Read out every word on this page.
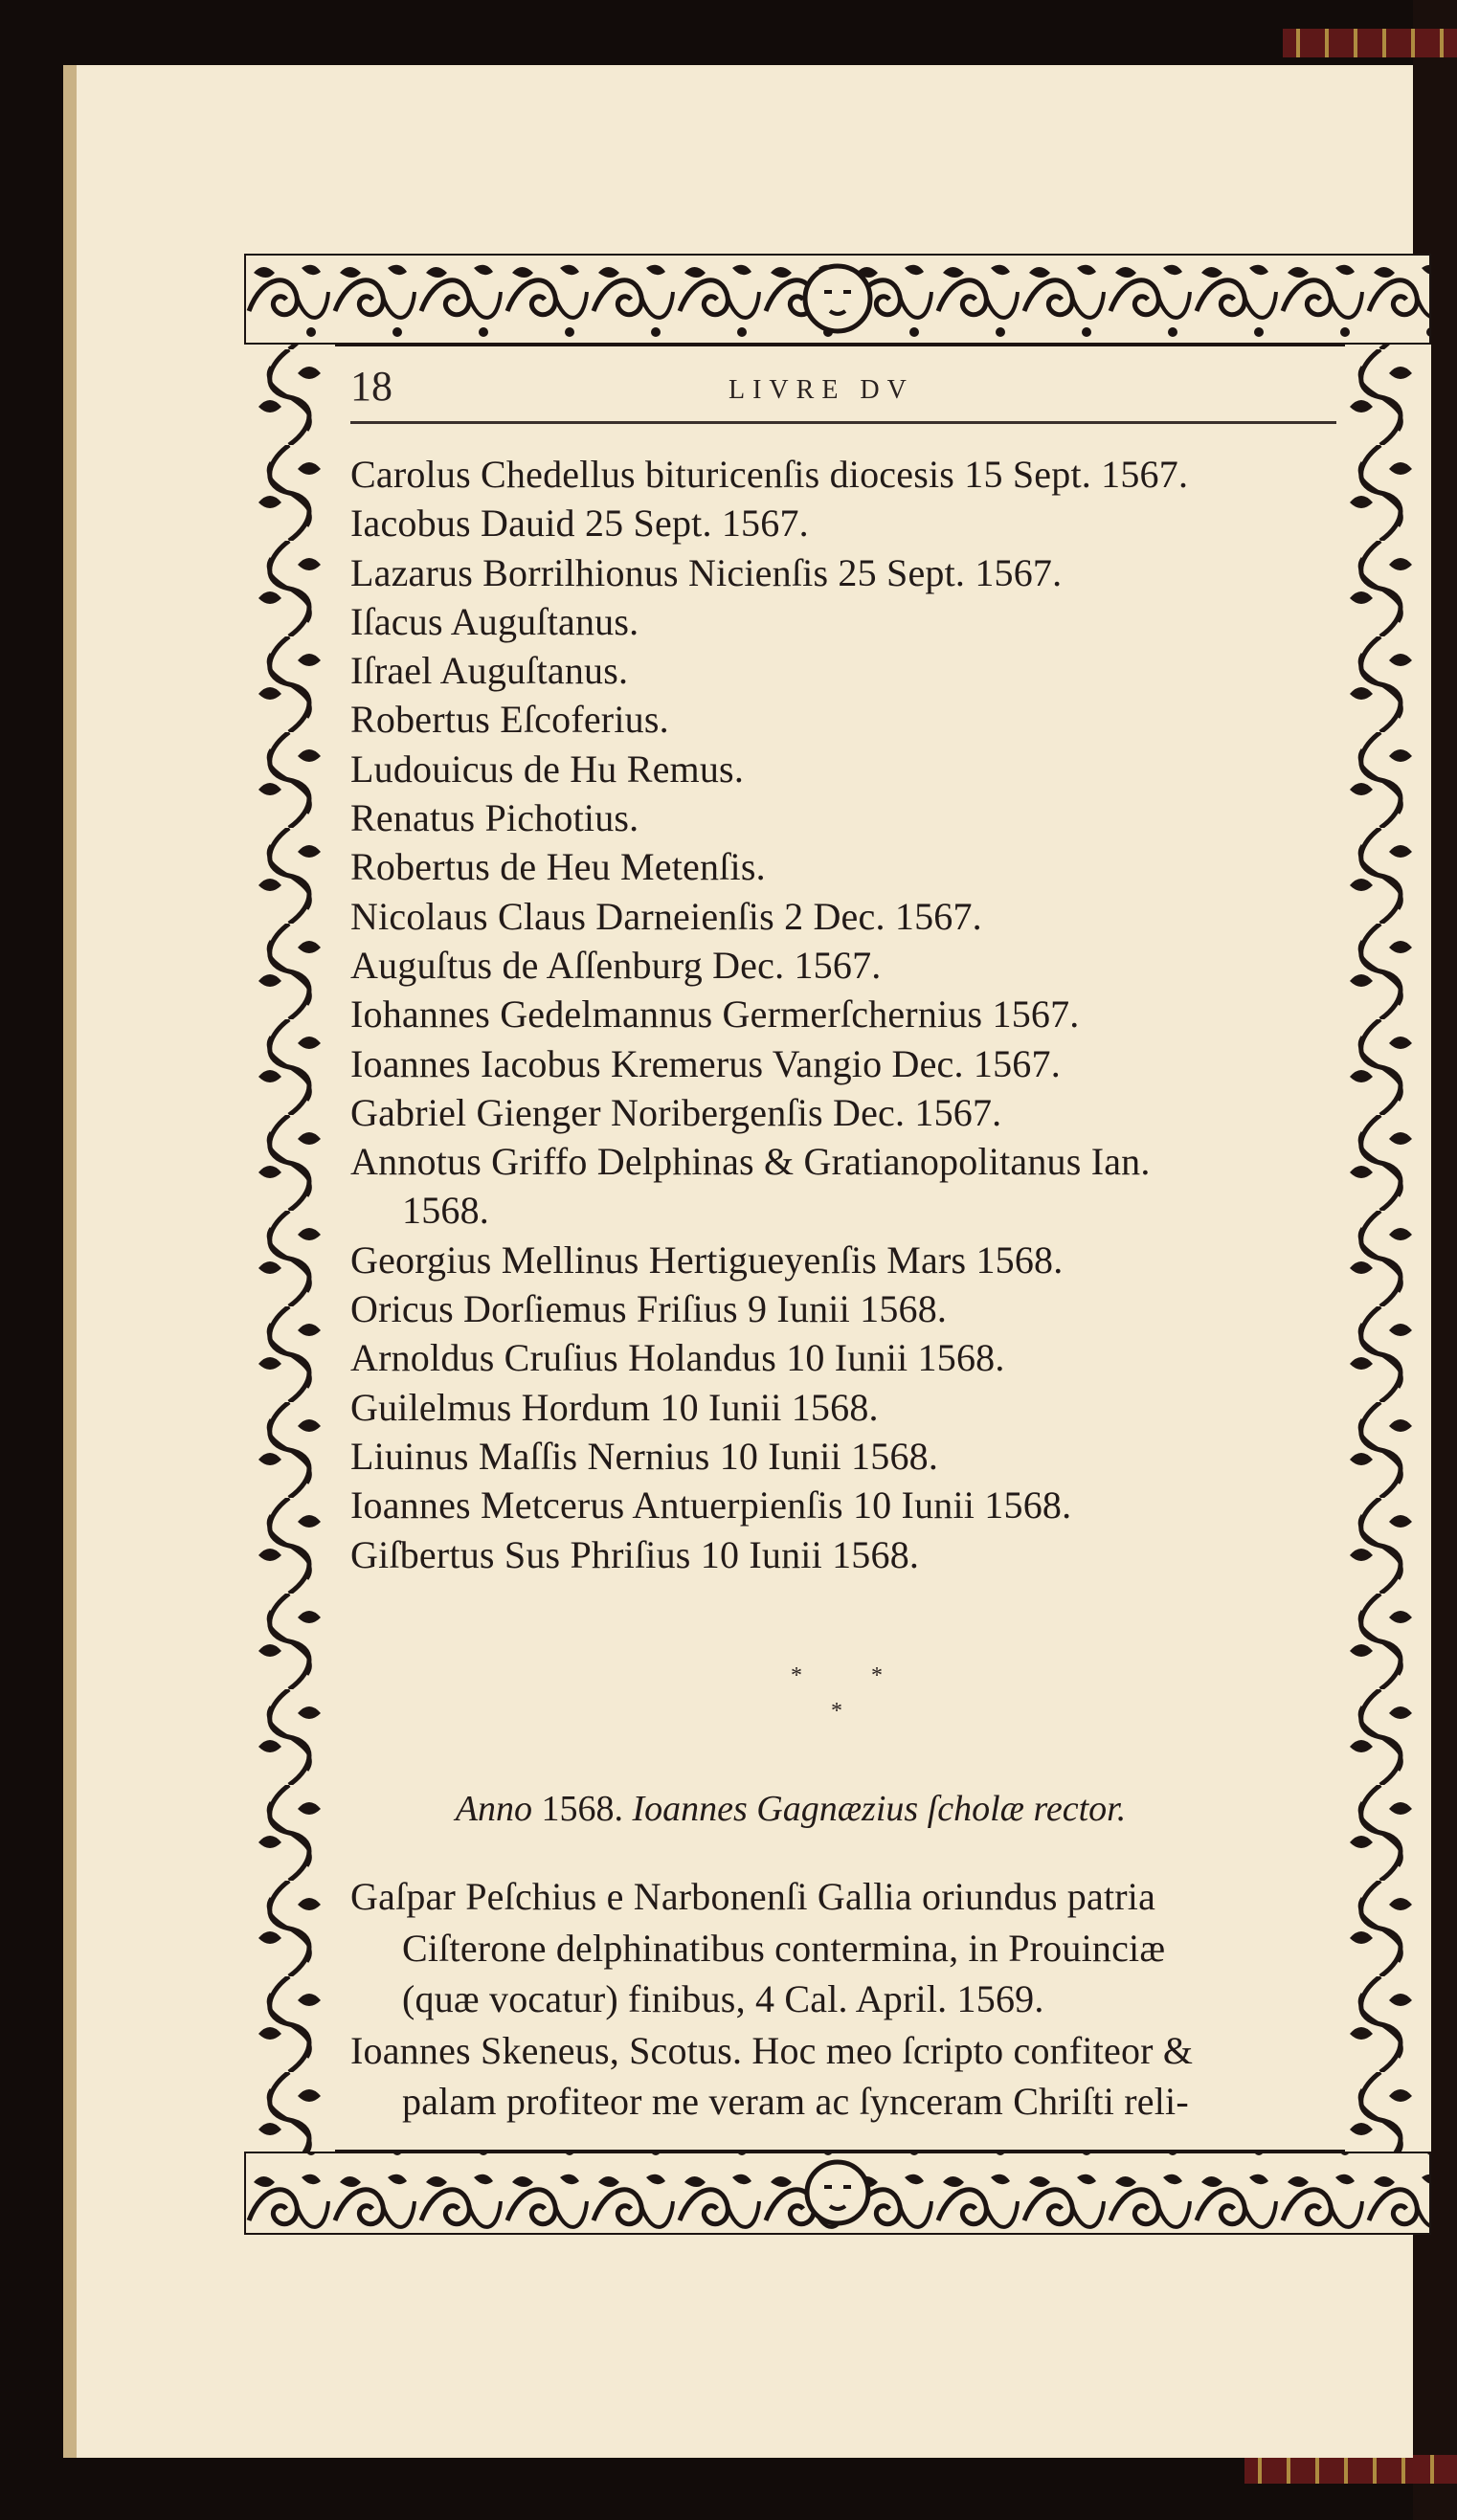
18	LIVRE DV
Carolus Chedellus bituricenſis diocesis 15 Sept. 1567.
Iacobus Dauid 25 Sept. 1567.
Lazarus Borrilhionus Nicienſis 25 Sept. 1567.
Iſacus Auguſtanus.
Iſrael Auguſtanus.
Robertus Eſcoferius.
Ludouicus de Hu Remus.
Renatus Pichotius.
Robertus de Heu Metenſis.
Nicolaus Claus Darneienſis 2 Dec. 1567.
Auguſtus de Aſſenburg Dec. 1567.
Iohannes Gedelmannus Germerſchernius 1567.
Ioannes Iacobus Kremerus Vangio Dec. 1567.
Gabriel Gienger Noribergenſis Dec. 1567.
Annotus Griffo Delphinas & Gratianopolitanus Ian.
1568.
Georgius Mellinus Hertigueyenſis Mars 1568.
Oricus Dorſiemus Friſius 9 Iunii 1568.
Arnoldus Cruſius Holandus 10 Iunii 1568.
Guilelmus Hordum 10 Iunii 1568.
Liuinus Maſſis Nernius 10 Iunii 1568.
Ioannes Metcerus Antuerpienſis 10 Iunii 1568.
Giſbertus Sus Phriſius 10 Iunii 1568.
*	*
*
Anno 1568. Ioannes Gagnæzius ſcholæ rector.
Gaſpar Peſchius e Narbonenſi Gallia oriundus patria
Ciſterone delphinatibus contermina, in Prouinciæ
(quæ vocatur) finibus, 4 Cal. April. 1569.
Ioannes Skeneus, Scotus. Hoc meo ſcripto confiteor &
palam profiteor me veram ac ſynceram Chriſti reli-
